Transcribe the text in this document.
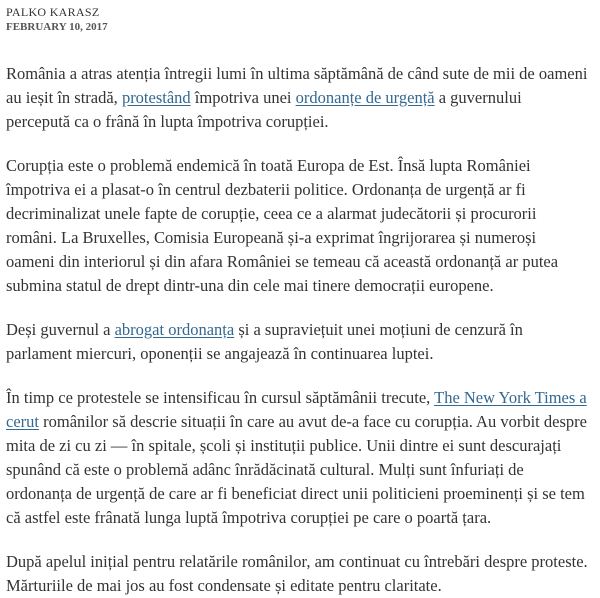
PALKO KARASZ
FEBRUARY 10, 2017

România a atras atenția întregii lumi în ultima săptămână de când sute de mii de oameni au ieșit în stradă, protestând împotriva unei ordonanțe de urgență a guvernului percepută ca o frână în lupta împotriva corupției.

Corupția este o problemă endemică în toată Europa de Est. Însă lupta României împotriva ei a plasat-o în centrul dezbaterii politice. Ordonanța de urgență ar fi decriminalizat unele fapte de corupție, ceea ce a alarmat judecătorii și procurorii români. La Bruxelles, Comisia Europeană și-a exprimat îngrijorarea și numeroși oameni din interiorul și din afara României se temeau că această ordonanță ar putea submina statul de drept dintr-una din cele mai tinere democrații europene.

Deși guvernul a abrogat ordonanța și a supraviețuit unei moțiuni de cenzură în parlament miercuri, oponenții se angajează în continuarea luptei.

În timp ce protestele se intensificau în cursul săptămânii trecute, The New York Times a cerut românilor să descrie situații în care au avut de-a face cu corupția. Au vorbit despre mita de zi cu zi — în spitale, școli și instituții publice. Unii dintre ei sunt descurajați spunând că este o problemă adânc înrădăcinată cultural. Mulți sunt înfuriați de ordonanța de urgență de care ar fi beneficiat direct unii politicieni proeminenți și se tem că astfel este frânată lunga luptă împotriva corupției pe care o poartă țara.

După apelul inițial pentru relatările românilor, am continuat cu întrebări despre proteste. Mărturiile de mai jos au fost condensate și editate pentru claritate.
